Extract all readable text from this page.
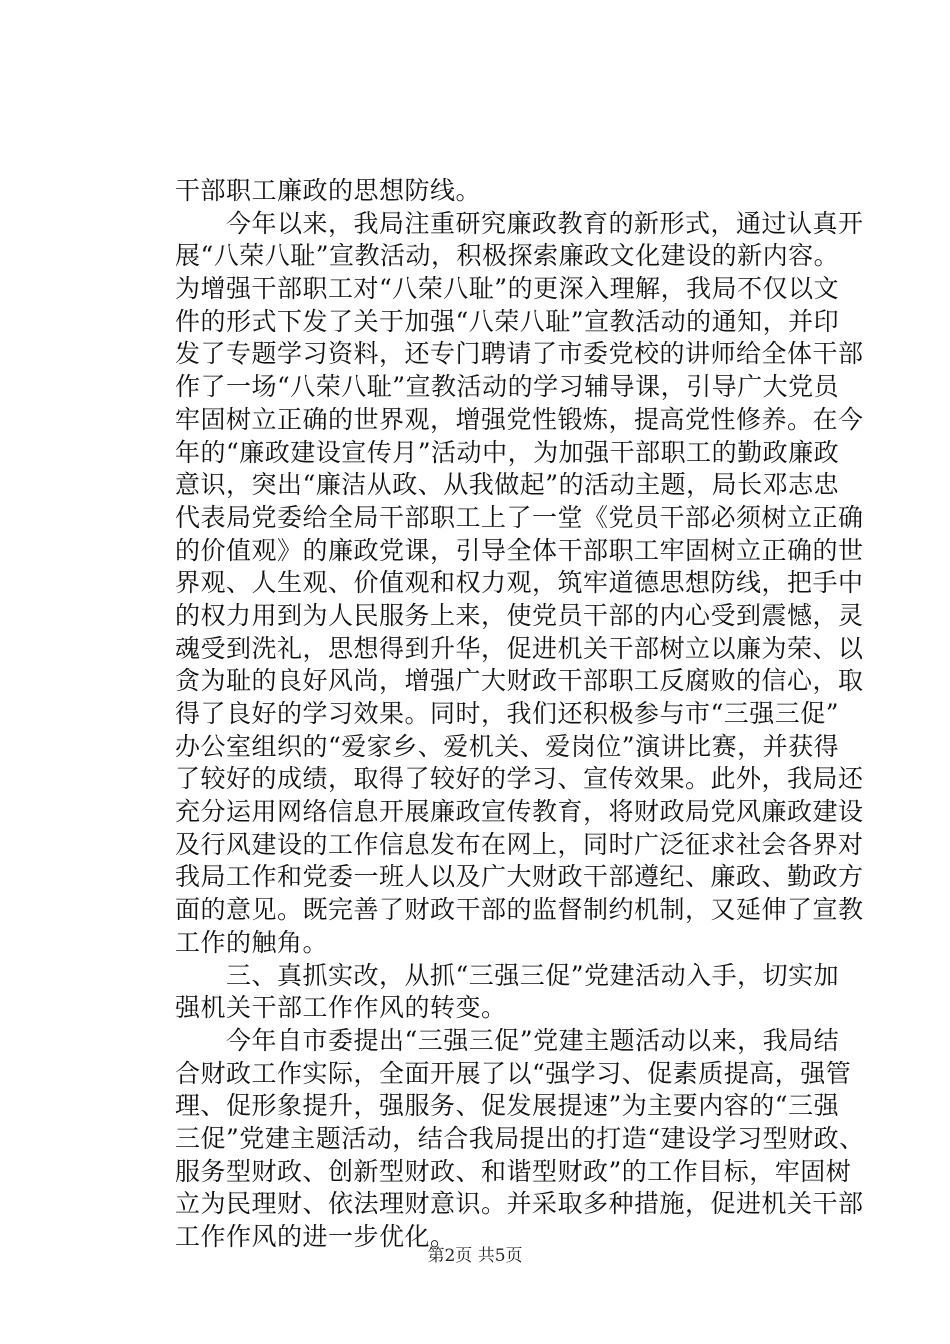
干部职工廉政的思想防线。
　　今年以来，我局注重研究廉政教育的新形式，通过认真开
展“八荣八耻”宣教活动，积极探索廉政文化建设的新内容。
为增强干部职工对“八荣八耻”的更深入理解，我局不仅以文
件的形式下发了关于加强“八荣八耻”宣教活动的通知，并印
发了专题学习资料，还专门聘请了市委党校的讲师给全体干部
作了一场“八荣八耻”宣教活动的学习辅导课，引导广大党员
牢固树立正确的世界观，增强党性锻炼，提高党性修养。在今
年的“廉政建设宣传月”活动中，为加强干部职工的勤政廉政
意识，突出“廉洁从政、从我做起”的活动主题，局长邓志忠
代表局党委给全局干部职工上了一堂《党员干部必须树立正确
的价值观》的廉政党课，引导全体干部职工牢固树立正确的世
界观、人生观、价值观和权力观，筑牢道德思想防线，把手中
的权力用到为人民服务上来，使党员干部的内心受到震憾，灵
魂受到洗礼，思想得到升华，促进机关干部树立以廉为荣、以
贪为耻的良好风尚，增强广大财政干部职工反腐败的信心，取
得了良好的学习效果。同时，我们还积极参与市“三强三促”
办公室组织的“爱家乡、爱机关、爱岗位”演讲比赛，并获得
了较好的成绩，取得了较好的学习、宣传效果。此外，我局还
充分运用网络信息开展廉政宣传教育，将财政局党风廉政建设
及行风建设的工作信息发布在网上，同时广泛征求社会各界对
我局工作和党委一班人以及广大财政干部遵纪、廉政、勤政方
面的意见。既完善了财政干部的监督制约机制，又延伸了宣教
工作的触角。
　　三、真抓实改，从抓“三强三促”党建活动入手，切实加
强机关干部工作作风的转变。
　　今年自市委提出“三强三促”党建主题活动以来，我局结
合财政工作实际，全面开展了以“强学习、促素质提高，强管
理、促形象提升，强服务、促发展提速”为主要内容的“三强
三促”党建主题活动，结合我局提出的打造“建设学习型财政、
服务型财政、创新型财政、和谐型财政”的工作目标，牢固树
立为民理财、依法理财意识。并采取多种措施，促进机关干部
工作作风的进一步优化。
第2页 共5页
